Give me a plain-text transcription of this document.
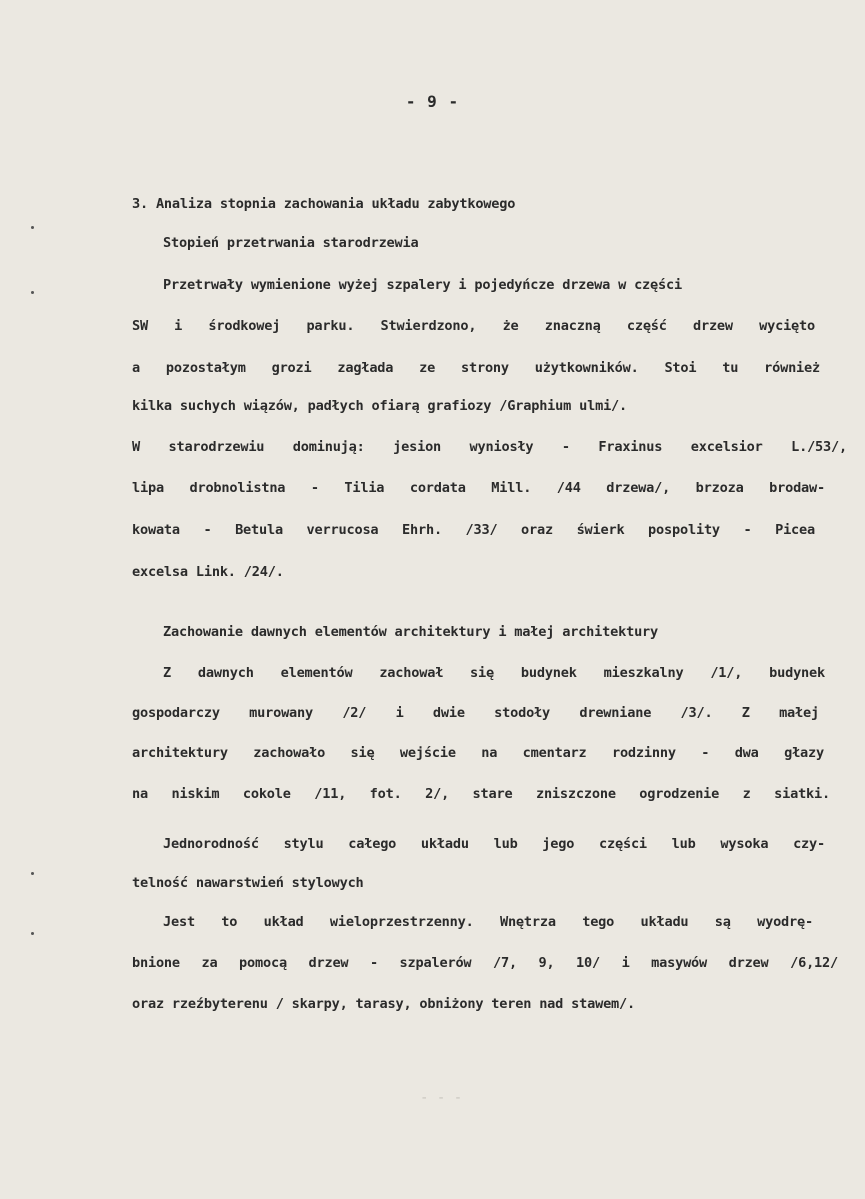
- 9 -
- - -
3. Analiza stopnia zachowania układu zabytkowego
Stopień przetrwania starodrzewia
Przetrwały wymienione wyżej szpalery i pojedyńcze drzewa w części
SW i środkowej parku. Stwierdzono, że znaczną część drzew wycięto
a pozostałym grozi zagłada ze strony użytkowników. Stoi tu również
kilka suchych wiązów, padłych ofiarą grafiozy /Graphium ulmi/.
W starodrzewiu dominują: jesion wyniosły - Fraxinus excelsior L./53/,
lipa drobnolistna - Tilia cordata Mill. /44 drzewa/, brzoza brodaw-
kowata - Betula verrucosa Ehrh. /33/ oraz świerk pospolity - Picea
excelsa Link. /24/.
Zachowanie dawnych elementów architektury i małej architektury
Z dawnych elementów zachował się budynek mieszkalny /1/, budynek
gospodarczy murowany /2/ i dwie stodoły drewniane /3/. Z małej
architektury zachowało się wejście na cmentarz rodzinny - dwa głazy
na niskim cokole /11, fot. 2/, stare zniszczone ogrodzenie z siatki.
Jednorodność stylu całego układu lub jego części lub wysoka czy-
telność nawarstwień stylowych
Jest to układ wieloprzestrzenny. Wnętrza tego układu są wyodrę-
bnione za pomocą drzew - szpalerów /7, 9, 10/ i masywów drzew /6,12/
oraz rzeźbyterenu / skarpy, tarasy, obniżony teren nad stawem/.
